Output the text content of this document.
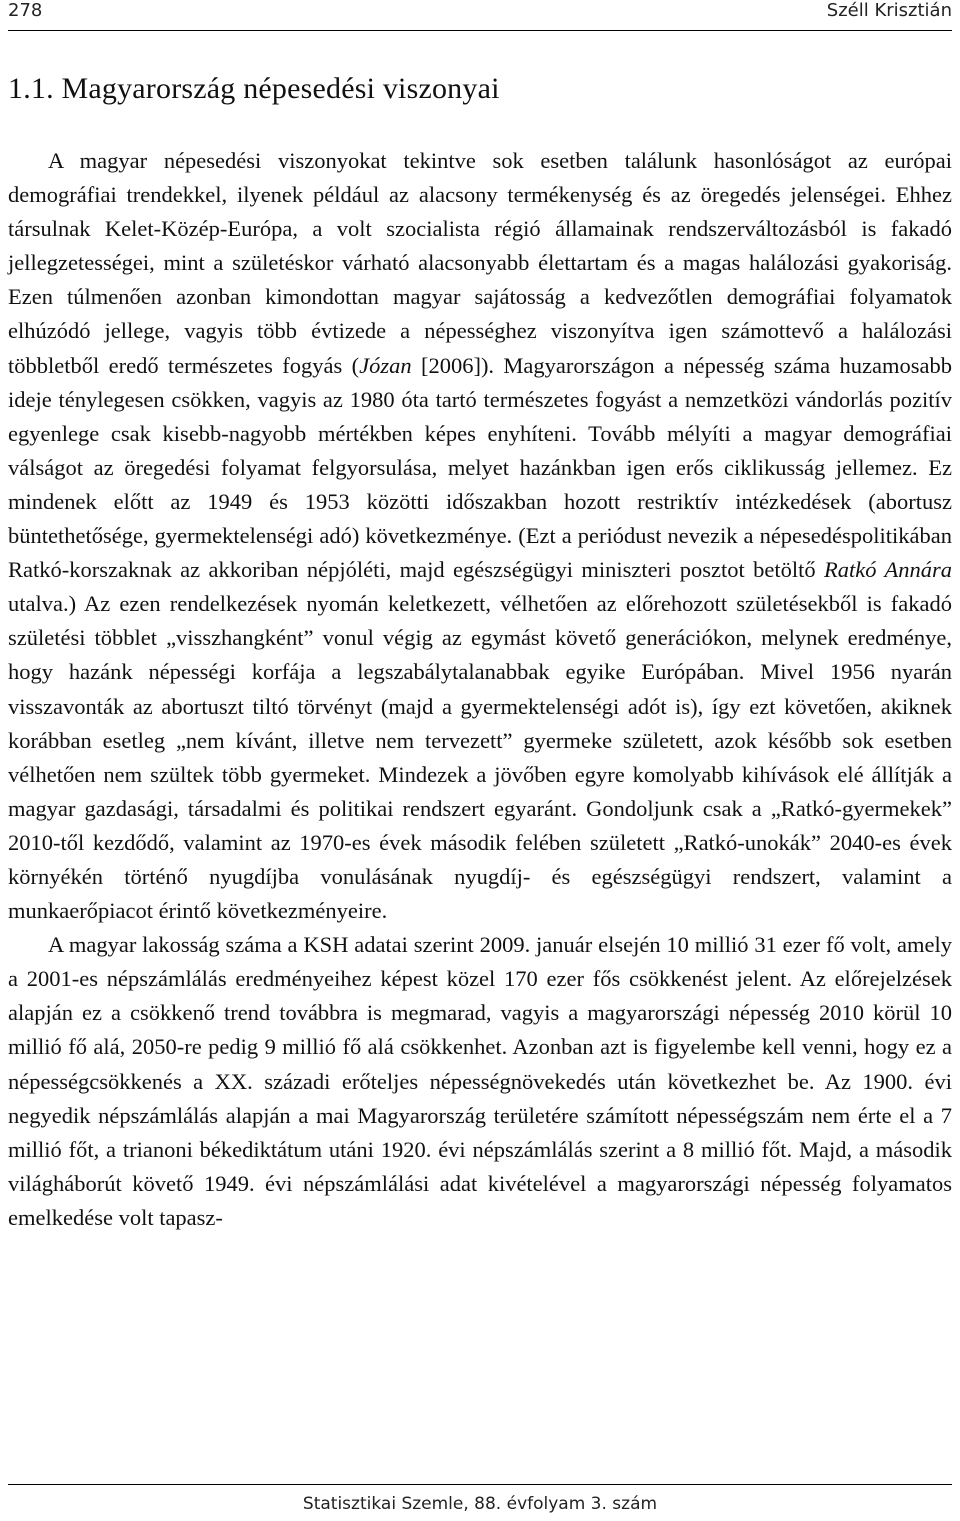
278	Széll Krisztián
1.1. Magyarország népesedési viszonyai

A magyar népesedési viszonyokat tekintve sok esetben találunk hasonlóságot az európai demográfiai trendekkel, ilyenek például az alacsony termékenység és az öregedés jelenségei. Ehhez társulnak Kelet-Közép-Európa, a volt szocialista régió államainak rendszerváltozásból is fakadó jellegzetességei, mint a születéskor várható alacsonyabb élettartam és a magas halálozási gyakoriság. Ezen túlmenően azonban kimondottan magyar sajátosság a kedvezőtlen demográfiai folyamatok elhúzódó jellege, vagyis több évtizede a népességhez viszonyítva igen számottevő a halálozási többletből eredő természetes fogyás (Józan [2006]). Magyarországon a népesség száma huzamosabb ideje ténylegesen csökken, vagyis az 1980 óta tartó természetes fogyást a nemzetközi vándorlás pozitív egyenlege csak kisebb-nagyobb mértékben képes enyhíteni. Tovább mélyíti a magyar demográfiai válságot az öregedési folyamat felgyorsulása, melyet hazánkban igen erős ciklikusság jellemez. Ez mindenek előtt az 1949 és 1953 közötti időszakban hozott restriktív intézkedések (abortusz büntethetősége, gyermektelenségi adó) következménye. (Ezt a periódust nevezik a népesedéspolitikában Ratkó-korszaknak az akkoriban népjóléti, majd egészségügyi miniszteri posztot betöltő Ratkó Annára utalva.) Az ezen rendelkezések nyomán keletkezett, vélhetően az előrehozott születésekből is fakadó születési többlet „visszhangként” vonul végig az egymást követő generációkon, melynek eredménye, hogy hazánk népességi korfája a legszabálytalanabbak egyike Európában. Mivel 1956 nyarán visszavonták az abortuszt tiltó törvényt (majd a gyermektelenségi adót is), így ezt követően, akiknek korábban esetleg „nem kívánt, illetve nem tervezett” gyermeke született, azok később sok esetben vélhetően nem szültek több gyermeket. Mindezek a jövőben egyre komolyabb kihívások elé állítják a magyar gazdasági, társadalmi és politikai rendszert egyaránt. Gondoljunk csak a „Ratkó-gyermekek” 2010-től kezdődő, valamint az 1970-es évek második felében született „Ratkó-unokák” 2040-es évek környékén történő nyugdíjba vonulásának nyugdíj- és egészségügyi rendszert, valamint a munkaerőpiacot érintő következményeire.

A magyar lakosság száma a KSH adatai szerint 2009. január elsején 10 millió 31 ezer fő volt, amely a 2001-es népszámlálás eredményeihez képest közel 170 ezer fős csökkenést jelent. Az előrejelzések alapján ez a csökkenő trend továbbra is megmarad, vagyis a magyarországi népesség 2010 körül 10 millió fő alá, 2050-re pedig 9 millió fő alá csökkenhet. Azonban azt is figyelembe kell venni, hogy ez a népességcsökkenés a XX. századi erőteljes népességnövekedés után következhet be. Az 1900. évi negyedik népszámlálás alapján a mai Magyarország területére számított népességszám nem érte el a 7 millió főt, a trianoni békediktátum utáni 1920. évi népszámlálás szerint a 8 millió főt. Majd, a második világháborút követő 1949. évi népszámlálási adat kivételével a magyarországi népesség folyamatos emelkedése volt tapasz-

Statisztikai Szemle, 88. évfolyam 3. szám
